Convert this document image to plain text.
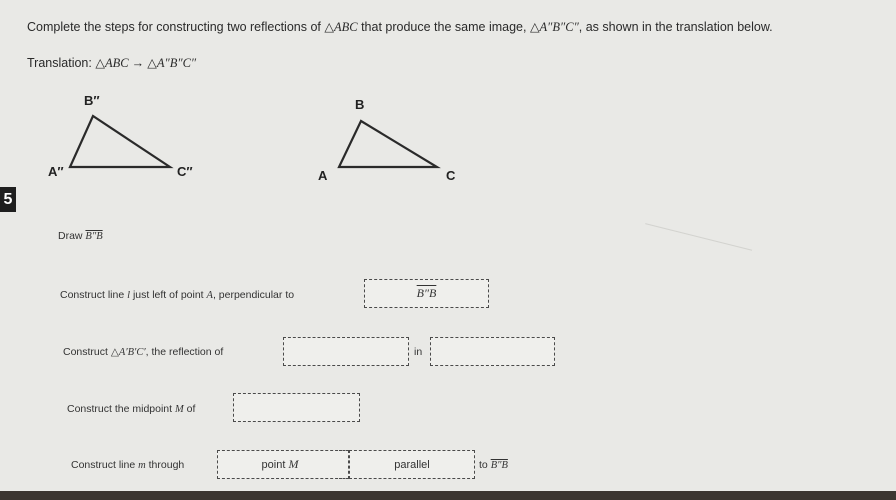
Complete the steps for constructing two reflections of △ABC that produce the same image, △A″B″C″, as shown in the translation below.
Translation: △ABC → △A″B″C″
B″
A″	C″
B
A	C
5
Draw B″B
Construct line l just left of point A, perpendicular to	B″B
Construct △A′B′C′, the reflection of	in
Construct the midpoint M of
Construct line m through	point
M	parallel	to B″B
